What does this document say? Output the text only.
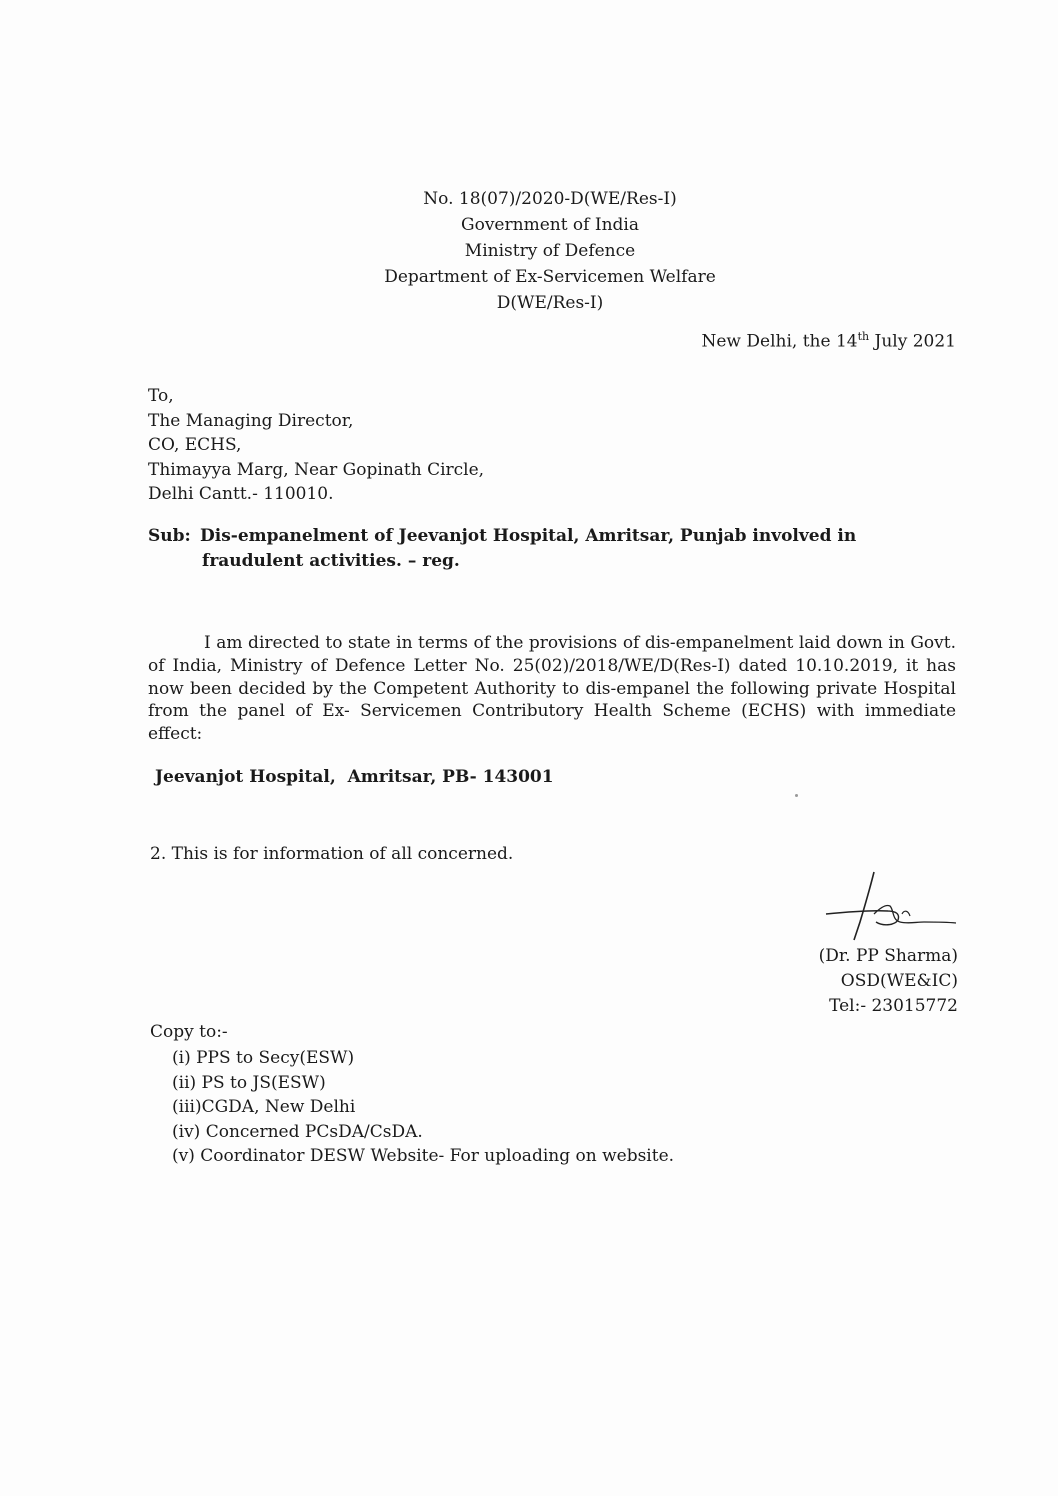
No. 18(07)/2020-D(WE/Res-I)
Government of India
Ministry of Defence
Department of Ex-Servicemen Welfare
D(WE/Res-I)
New Delhi, the 14th July 2021
To,
The Managing Director,
CO, ECHS,
Thimayya Marg, Near Gopinath Circle,
Delhi Cantt.- 110010.
Sub: Dis-empanelment of Jeevanjot Hospital, Amritsar, Punjab involved in
fraudulent activities. – reg.
I am directed to state in terms of the provisions of dis-empanelment laid down in Govt. of India, Ministry of Defence Letter No. 25(02)/2018/WE/D(Res-I) dated 10.10.2019, it has now been decided by the Competent Authority to dis-empanel the following private Hospital from the panel of Ex- Servicemen Contributory Health Scheme (ECHS) with immediate effect:
Jeevanjot Hospital,  Amritsar, PB- 143001
2. This is for information of all concerned.
(Dr. PP Sharma)
OSD(WE&IC)
Tel:- 23015772
Copy to:-
(i) PPS to Secy(ESW)
(ii) PS to JS(ESW)
(iii)CGDA, New Delhi
(iv) Concerned PCsDA/CsDA.
(v) Coordinator DESW Website- For uploading on website.
